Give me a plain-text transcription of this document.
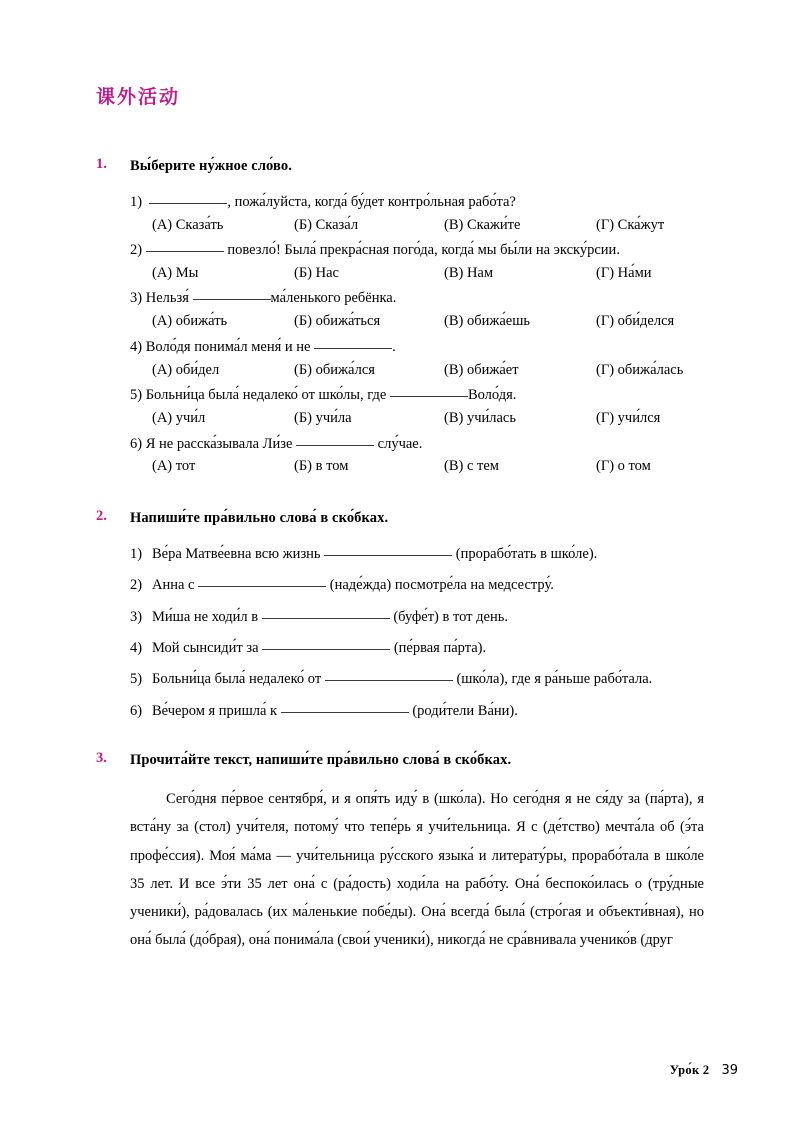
课外活动
1. Вы́берите ну́жное сло́во.
1)	, пожа́луйста, когда́ бу́дет контро́льная рабо́та?
(А) Сказа́ть	(Б) Сказа́л	(В) Скажи́те	(Г) Ска́жут
2)	повезло́! Была́ прекра́сная пого́да, когда́ мы бы́ли на экску́рсии.
(А) Мы	(Б) Нас	(В) Нам	(Г) На́ми
3) Нельзя́	ма́ленького ребёнка.
(А) обижа́ть	(Б) обижа́ться	(В) обижа́ешь	(Г) оби́делся
4) Воло́дя понима́л меня́ и не	.
(А) оби́дел	(Б) обижа́лся	(В) обижа́ет	(Г) обижа́лась
5) Больни́ца была́ недалеко́ от шко́лы, где	Воло́дя.
(А) учи́л	(Б) учи́ла	(В) учи́лась	(Г) учи́лся
6) Я не расска́зывала Ли́зе	слу́чае.
(А) тот	(Б) в том	(В) с тем	(Г) о том
2. Напиши́те пра́вильно слова́ в ско́бках.
1) Ве́ра Матве́евна всю жизнь	(прорабо́тать в шко́ле).
2) Анна с	(наде́жда) посмотре́ла на медсестру́.
3) Ми́ша не ходи́л в	(буфе́т) в тот день.
4) Мой сынсиди́т за	(пе́рвая па́рта).
5) Больни́ца была́ недалеко́ от	(шко́ла), где я ра́ньше рабо́тала.
6) Ве́чером я пришла́ к	(роди́тели Ва́ни).
3. Прочита́йте текст, напиши́те пра́вильно слова́ в ско́бках.
Сего́дня пе́рвое сентября́, и я опя́ть иду́ в (шко́ла). Но сего́дня я не ся́ду за (па́рта), я вста́ну за (стол) учи́теля, потому́ что тепе́рь я учи́тельница. Я с (де́тство) мечта́ла об (э́та профе́ссия). Моя́ ма́ма — учи́тельница ру́сского языка́ и литерату́ры, прорабо́тала в шко́ле 35 лет. И все э́ти 35 лет она́ с (ра́дость) ходи́ла на рабо́ту. Она́ беспоко́илась о (тру́дные ученики́), ра́довалась (их ма́ленькие побе́ды). Она́ всегда́ была́ (стро́гая и объекти́вная), но она́ была́ (до́брая), она́ понима́ла (свои́ ученики́), никогда́ не сра́внивала ученико́в (друг
Уро́к 2 39
